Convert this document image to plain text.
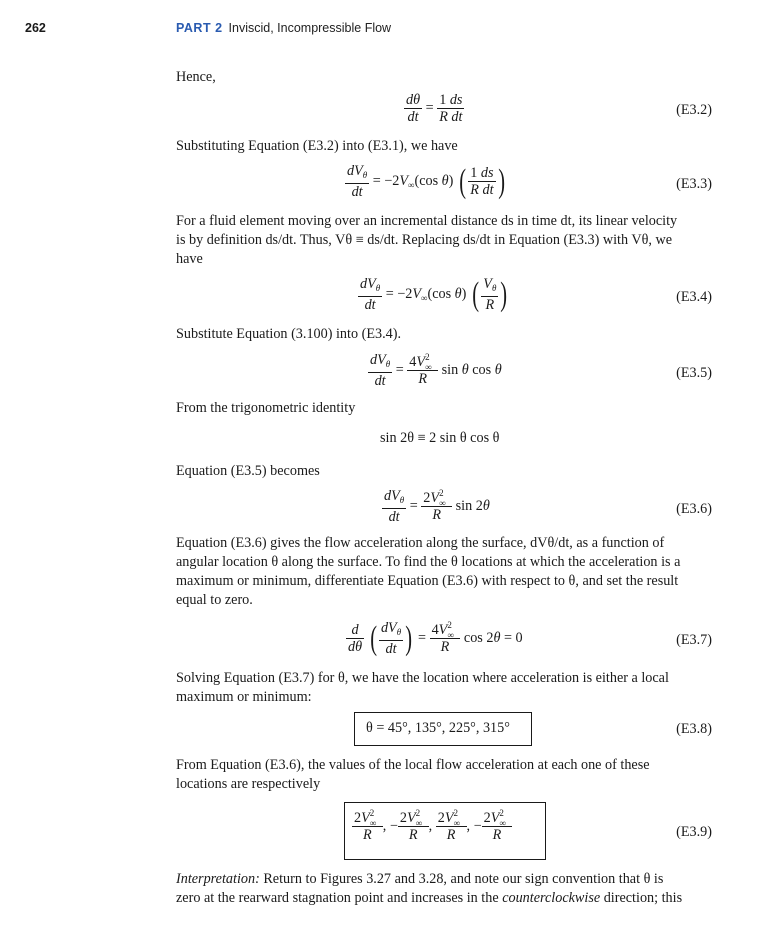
262	PART 2 Inviscid, Incompressible Flow
Hence,
$\frac{d\theta}{dt} = \frac{1 ds}{\text{R dt}}$	(E3.2)
Substituting Equation (E3.2) into (E3.1), we have
$\frac{dV_\theta}{dt} = -2V_\infty(\cos$ θ) ( $\frac{1 ds}{\text{R dt}}$ )	(E3.3)
For a fluid element moving over an incremental distance ds in time dt, its linear velocity
is by definition ds/dt. Thus, Vθ ≡ ds/dt. Replacing ds/dt in Equation (E3.3) with Vθ, we
have
$\frac{dV_\theta}{dt} = -2V_\infty(\cos$ θ) ( $\frac{V_\theta}{R}$ )	(E3.4)
Substitute Equation (3.100) into (E3.4).
$\frac{dV_\theta}{dt} = 4V$ 2
∞
R sin θ cos θ	(E3.5)
From the trigonometric identity
sin 2θ ≡ 2 sin θ cos θ
Equation (E3.5) becomes
$\frac{dV_\theta}{dt} = 2V$ 2
∞
R sin 2θ	(E3.6)
Equation (E3.6) gives the flow acceleration along the surface, dVθ/dt, as a function of
angular location θ along the surface. To find the θ locations at which the acceleration is a
maximum or minimum, differentiate Equation (E3.6) with respect to θ, and set the result
equal to zero.
$\frac{d}{d\theta}$ ( $\frac{dV_\theta}{dt}$ ) = 4V 2
∞
R cos 2θ = 0	(E3.7)
Solving Equation (E3.7) for θ, we have the location where acceleration is either a local
maximum or minimum:
θ = 45°, 135°, 225°, 315°	(E3.8)
From Equation (E3.6), the values of the local flow acceleration at each one of these
locations are respectively
2V 2
∞
R , − 2V 2
∞
R , 2V 2
∞
R , − 2V 2
∞
R	(E3.9)
Interpretation: Return to Figures 3.27 and 3.28, and note our sign convention that θ is
zero at the rearward stagnation point and increases in the counterclockwise direction; this
